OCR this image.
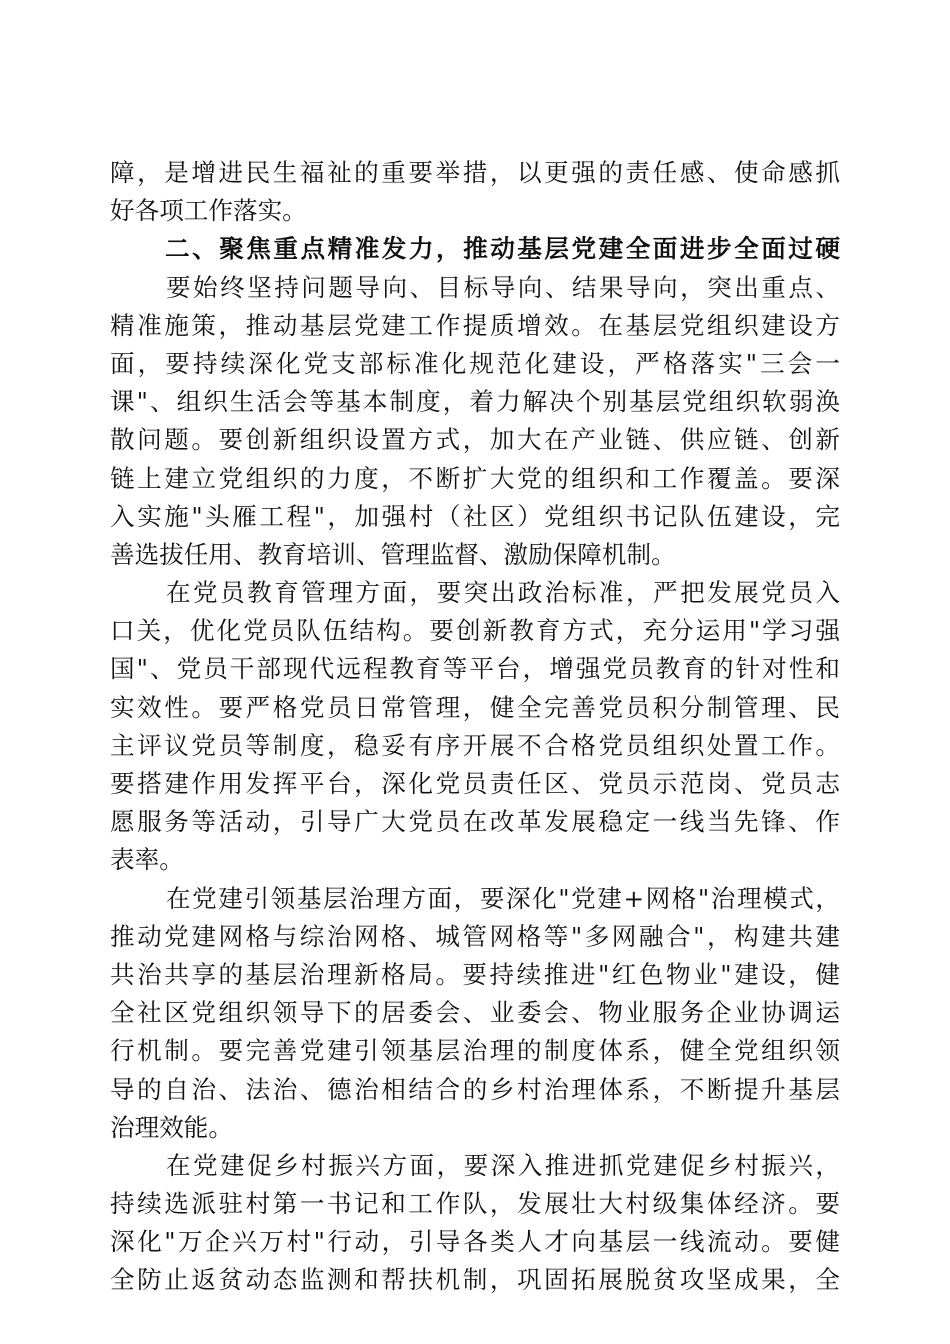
障，是增进民生福祉的重要举措，以更强的责任感、使命感抓
好各项工作落实。
二、聚焦重点精准发力，推动基层党建全面进步全面过硬
要始终坚持问题导向、目标导向、结果导向，突出重点、
精准施策，推动基层党建工作提质增效。在基层党组织建设方
面，要持续深化党支部标准化规范化建设，严格落实"三会一
课"、组织生活会等基本制度，着力解决个别基层党组织软弱涣
散问题。要创新组织设置方式，加大在产业链、供应链、创新
链上建立党组织的力度，不断扩大党的组织和工作覆盖。要深
入实施"头雁工程"，加强村（社区）党组织书记队伍建设，完
善选拔任用、教育培训、管理监督、激励保障机制。
在党员教育管理方面，要突出政治标准，严把发展党员入
口关，优化党员队伍结构。要创新教育方式，充分运用"学习强
国"、党员干部现代远程教育等平台，增强党员教育的针对性和
实效性。要严格党员日常管理，健全完善党员积分制管理、民
主评议党员等制度，稳妥有序开展不合格党员组织处置工作。
要搭建作用发挥平台，深化党员责任区、党员示范岗、党员志
愿服务等活动，引导广大党员在改革发展稳定一线当先锋、作
表率。
在党建引领基层治理方面，要深化"党建+网格"治理模式，
推动党建网格与综治网格、城管网格等"多网融合"，构建共建
共治共享的基层治理新格局。要持续推进"红色物业"建设，健
全社区党组织领导下的居委会、业委会、物业服务企业协调运
行机制。要完善党建引领基层治理的制度体系，健全党组织领
导的自治、法治、德治相结合的乡村治理体系，不断提升基层
治理效能。
在党建促乡村振兴方面，要深入推进抓党建促乡村振兴，
持续选派驻村第一书记和工作队，发展壮大村级集体经济。要
深化"万企兴万村"行动，引导各类人才向基层一线流动。要健
全防止返贫动态监测和帮扶机制，巩固拓展脱贫攻坚成果，全
